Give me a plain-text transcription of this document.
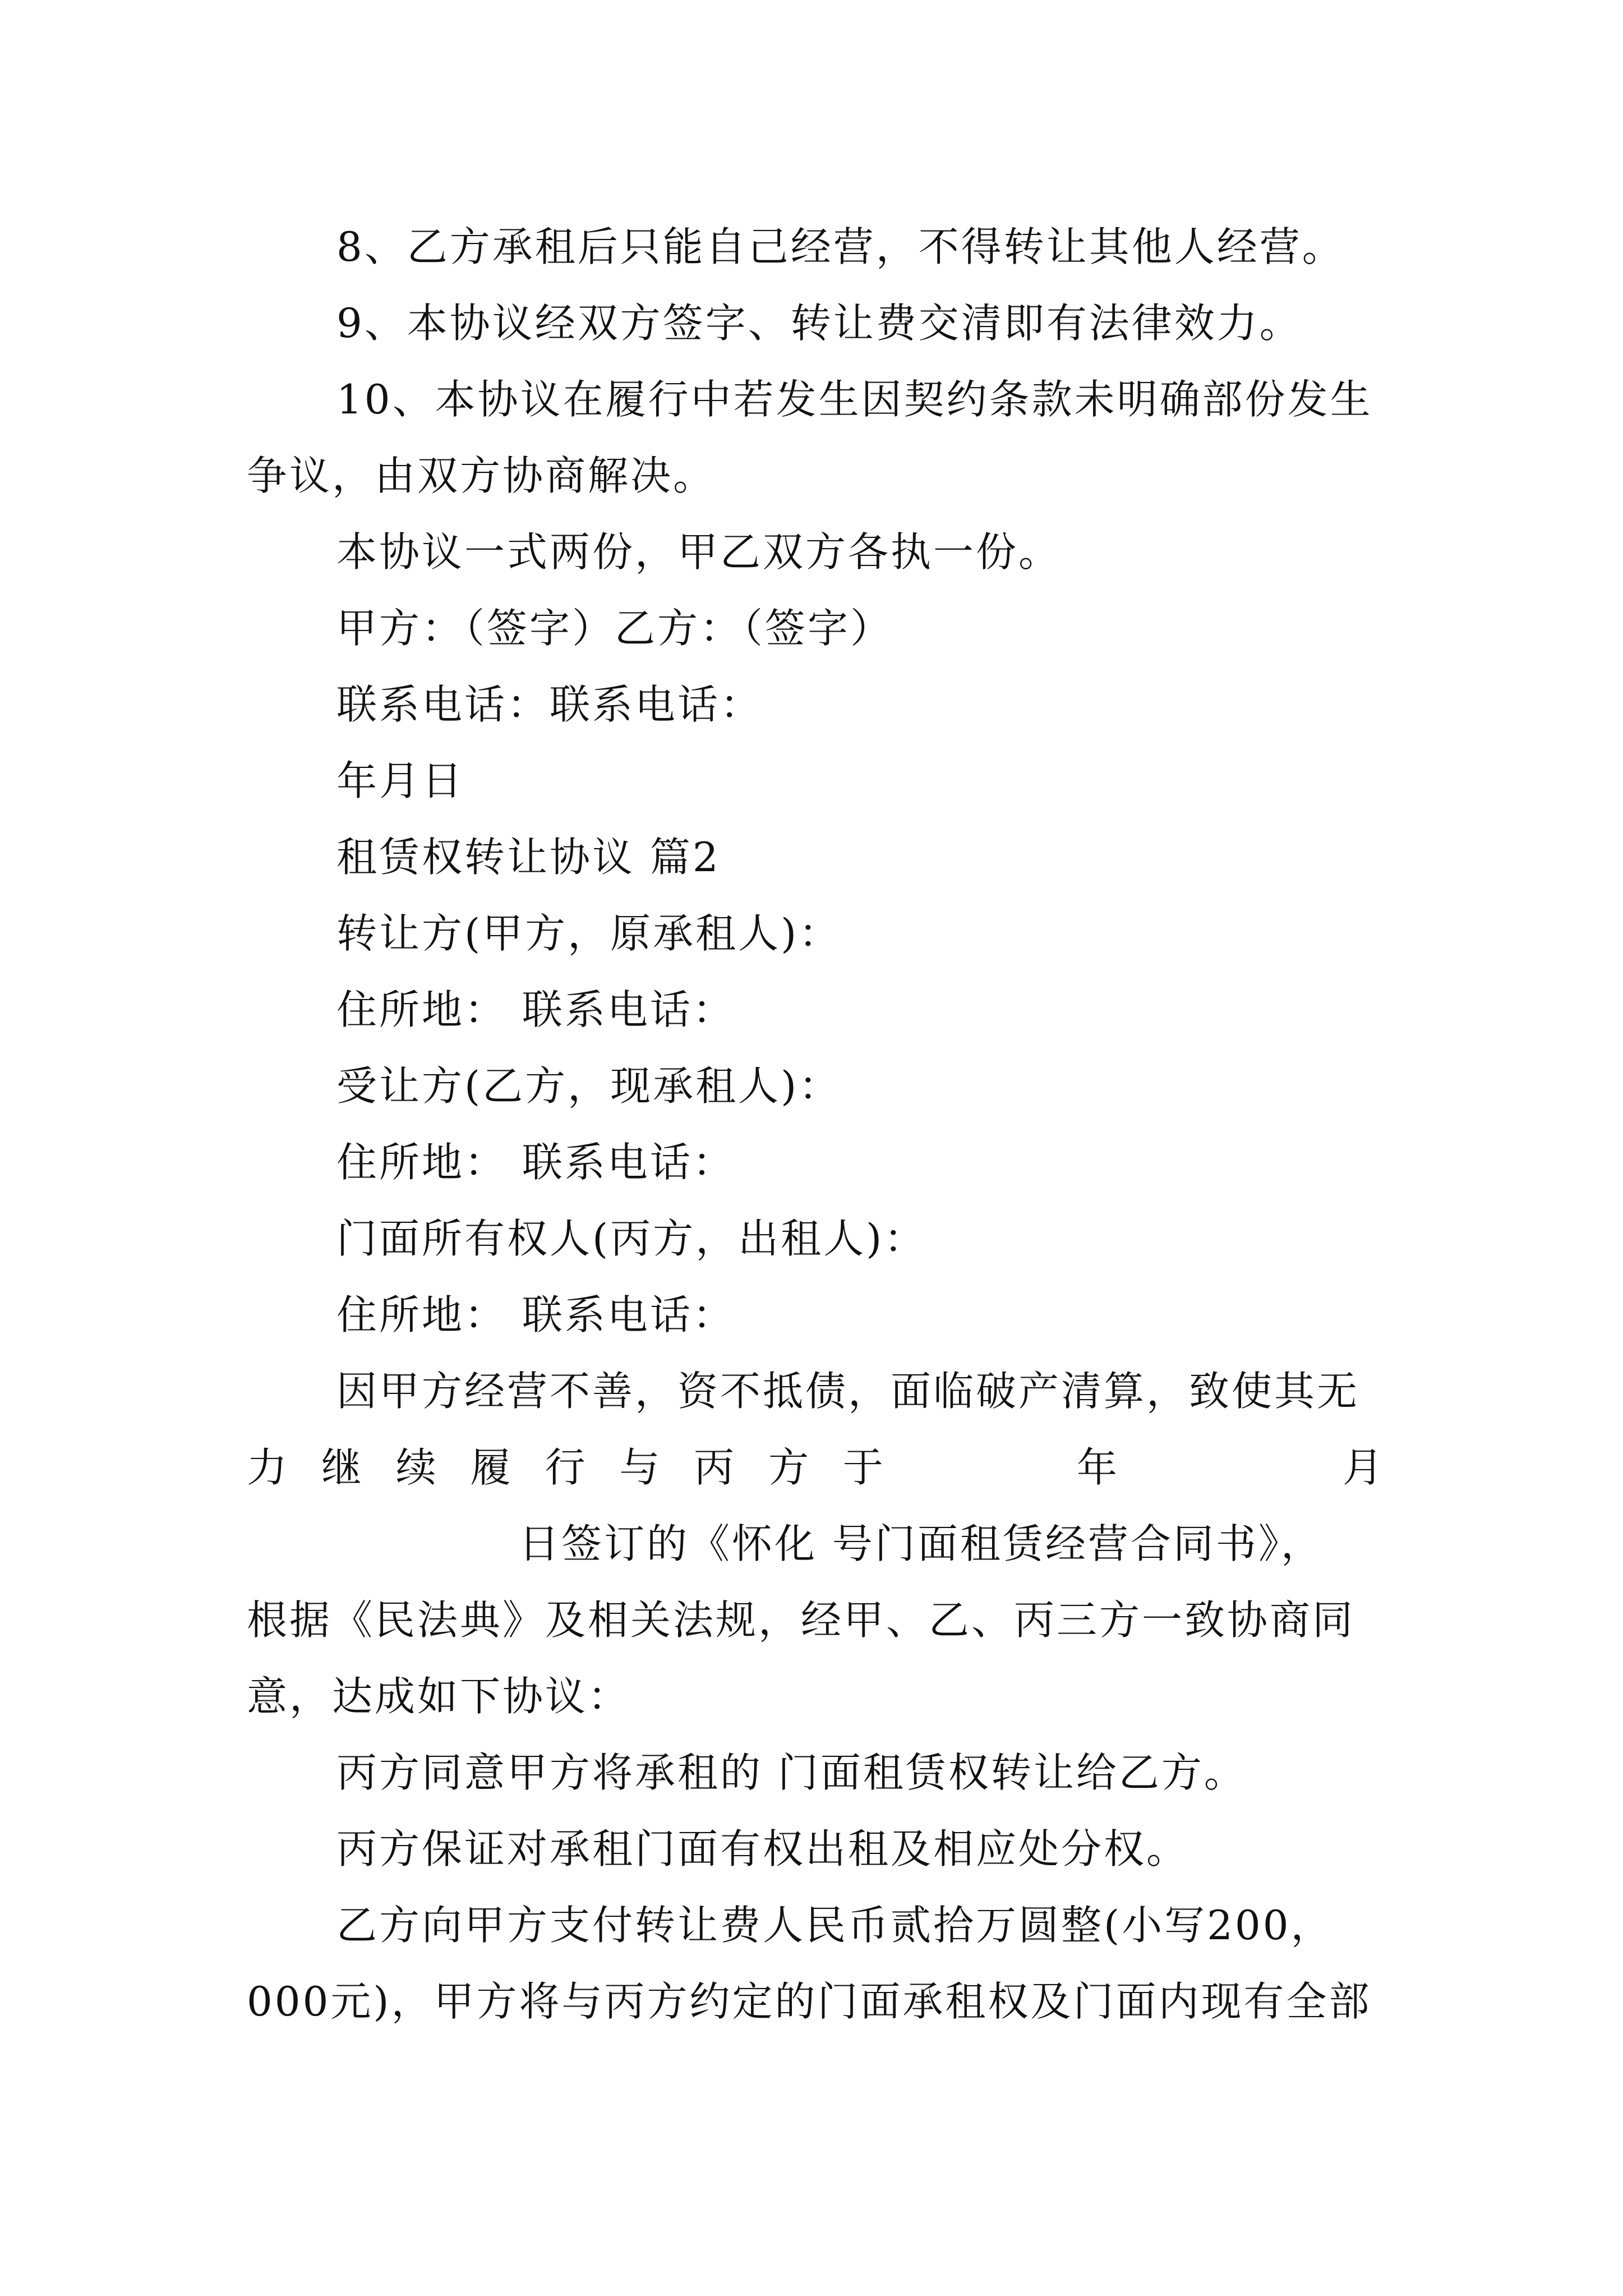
8、乙方承租后只能自己经营，不得转让其他人经营。

9、本协议经双方签字、转让费交清即有法律效力。

10、本协议在履行中若发生因契约条款未明确部份发生

争议，由双方协商解决。

本协议一式两份，甲乙双方各执一份。

甲方：（签字）乙方：（签字）

联系电话：联系电话：

年月日

租赁权转让协议 篇2

转让方(甲方，原承租人)：

住所地： 联系电话：

受让方(乙方，现承租人)：

住所地： 联系电话：

门面所有权人(丙方，出租人)：

住所地： 联系电话：

因甲方经营不善，资不抵债，面临破产清算，致使其无

力 继 续 履 行 与 丙 方 于	年	月

日签订的《怀化 号门面租赁经营合同书》，

根据《民法典》及相关法规，经甲、乙、丙三方一致协商同

意，达成如下协议：

丙方同意甲方将承租的 门面租赁权转让给乙方。

丙方保证对承租门面有权出租及相应处分权。

乙方向甲方支付转让费人民币贰拾万圆整(小写200，

000元)，甲方将与丙方约定的门面承租权及门面内现有全部
